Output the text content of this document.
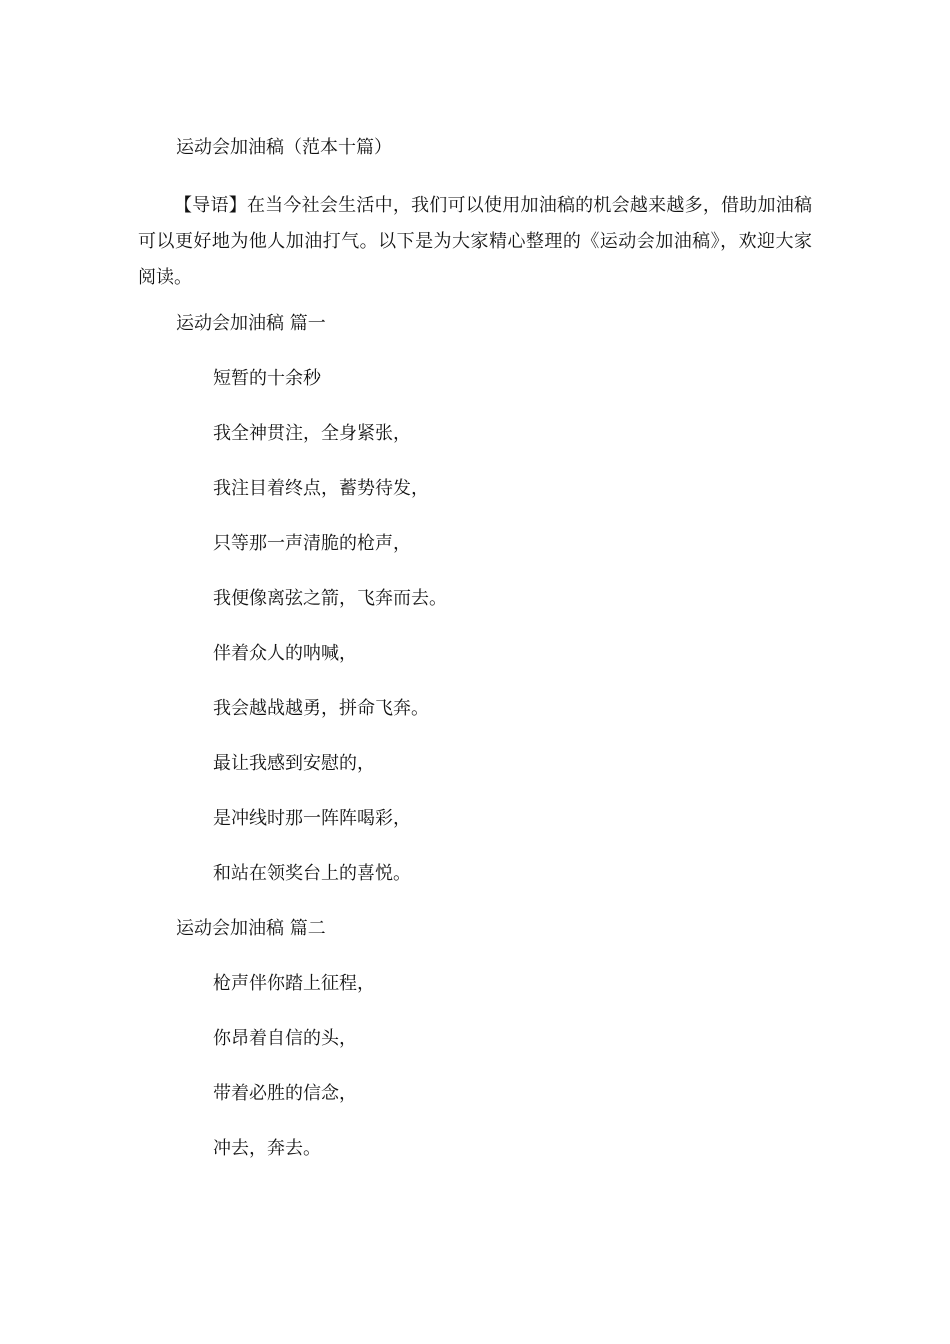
运动会加油稿（范本十篇）

【导语】在当今社会生活中，我们可以使用加油稿的机会越来越多，借助加油稿可以更好地为他人加油打气。以下是为大家精心整理的《运动会加油稿》，欢迎大家阅读。

运动会加油稿 篇一

短暂的十余秒

我全神贯注，全身紧张，

我注目着终点，蓄势待发，

只等那一声清脆的枪声，

我便像离弦之箭，飞奔而去。

伴着众人的呐喊，

我会越战越勇，拼命飞奔。

最让我感到安慰的，

是冲线时那一阵阵喝彩，

和站在领奖台上的喜悦。

运动会加油稿 篇二

枪声伴你踏上征程，

你昂着自信的头，

带着必胜的信念，

冲去，奔去。
